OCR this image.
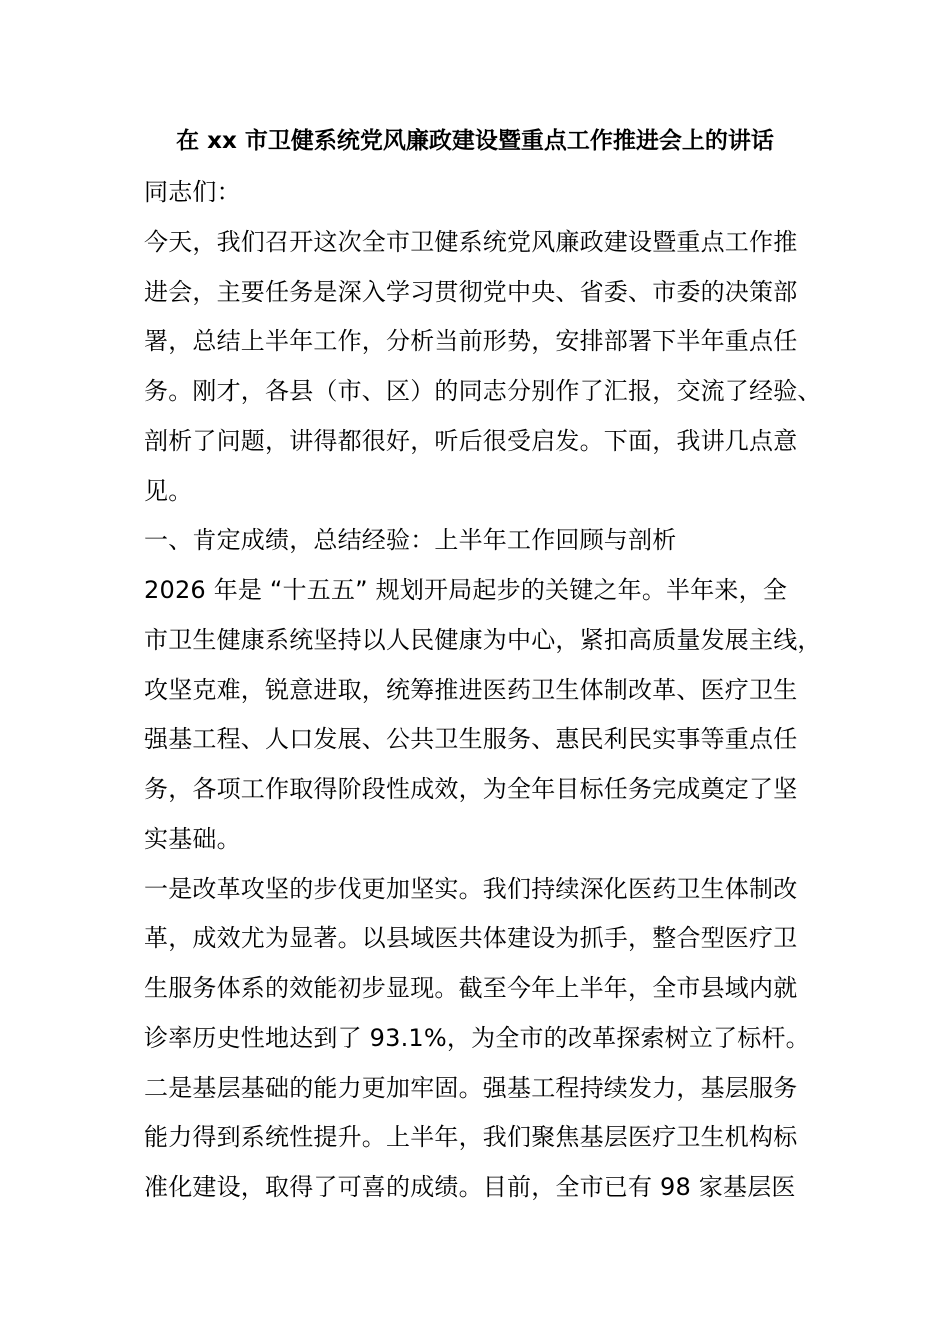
在 xx 市卫健系统党风廉政建设暨重点工作推进会上的讲话
同志们：
今天，我们召开这次全市卫健系统党风廉政建设暨重点工作推
进会，主要任务是深入学习贯彻党中央、省委、市委的决策部
署，总结上半年工作，分析当前形势，安排部署下半年重点任
务。刚才，各县（市、区）的同志分别作了汇报，交流了经验、
剖析了问题，讲得都很好，听后很受启发。下面，我讲几点意
见。
一、肯定成绩，总结经验：上半年工作回顾与剖析
2026 年是 “十五五” 规划开局起步的关键之年。半年来，全
市卫生健康系统坚持以人民健康为中心，紧扣高质量发展主线，
攻坚克难，锐意进取，统筹推进医药卫生体制改革、医疗卫生
强基工程、人口发展、公共卫生服务、惠民利民实事等重点任
务，各项工作取得阶段性成效，为全年目标任务完成奠定了坚
实基础。
一是改革攻坚的步伐更加坚实。我们持续深化医药卫生体制改
革，成效尤为显著。以县域医共体建设为抓手，整合型医疗卫
生服务体系的效能初步显现。截至今年上半年，全市县域内就
诊率历史性地达到了 93.1%，为全市的改革探索树立了标杆。
二是基层基础的能力更加牢固。强基工程持续发力，基层服务
能力得到系统性提升。上半年，我们聚焦基层医疗卫生机构标
准化建设，取得了可喜的成绩。目前，全市已有 98 家基层医
